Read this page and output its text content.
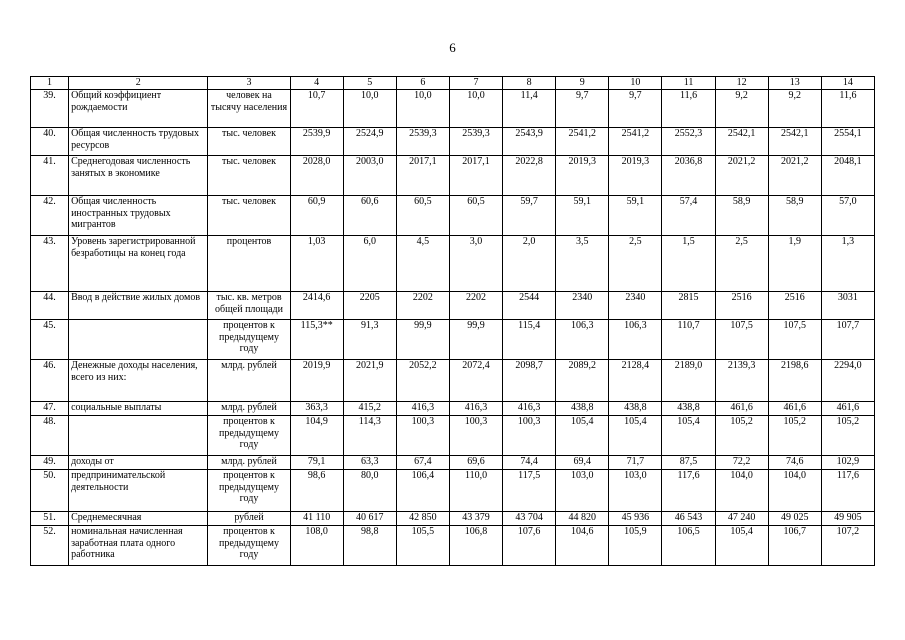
6
1	2	3	4	5	6	7	8	9	10	11	12	13	14
39.	Общий коэффициент рождаемости	человек на тысячу населения	10,7	10,0	10,0	10,0	11,4	9,7	9,7	11,6	9,2	9,2	11,6
40.	Общая численность трудовых ресурсов	тыс. человек	2539,9	2524,9	2539,3	2539,3	2543,9	2541,2	2541,2	2552,3	2542,1	2542,1	2554,1
41.	Среднегодовая численность занятых в экономике	тыс. человек	2028,0	2003,0	2017,1	2017,1	2022,8	2019,3	2019,3	2036,8	2021,2	2021,2	2048,1
42.	Общая численность иностранных трудовых мигрантов	тыс. человек	60,9	60,6	60,5	60,5	59,7	59,1	59,1	57,4	58,9	58,9	57,0
43.	Уровень зарегистрированной безработицы на конец года	процентов	1,03	6,0	4,5	3,0	2,0	3,5	2,5	1,5	2,5	1,9	1,3
44.	Ввод в действие жилых домов	тыс. кв. метров общей площади	2414,6	2205	2202	2202	2544	2340	2340	2815	2516	2516	3031
45.		процентов к предыдущему году	115,3**	91,3	99,9	99,9	115,4	106,3	106,3	110,7	107,5	107,5	107,7
46.	Денежные доходы населения, всего из них:	млрд. рублей	2019,9	2021,9	2052,2	2072,4	2098,7	2089,2	2128,4	2189,0	2139,3	2198,6	2294,0
47.	социальные выплаты	млрд. рублей	363,3	415,2	416,3	416,3	416,3	438,8	438,8	438,8	461,6	461,6	461,6
48.		процентов к предыдущему году	104,9	114,3	100,3	100,3	100,3	105,4	105,4	105,4	105,2	105,2	105,2
49.	доходы от	млрд. рублей	79,1	63,3	67,4	69,6	74,4	69,4	71,7	87,5	72,2	74,6	102,9
50.	предпринимательской деятельности	процентов к предыдущему году	98,6	80,0	106,4	110,0	117,5	103,0	103,0	117,6	104,0	104,0	117,6
51.	Среднемесячная	рублей	41 110	40 617	42 850	43 379	43 704	44 820	45 936	46 543	47 240	49 025	49 905
52.	номинальная начисленная заработная плата одного работника	процентов к предыдущему году	108,0	98,8	105,5	106,8	107,6	104,6	105,9	106,5	105,4	106,7	107,2
